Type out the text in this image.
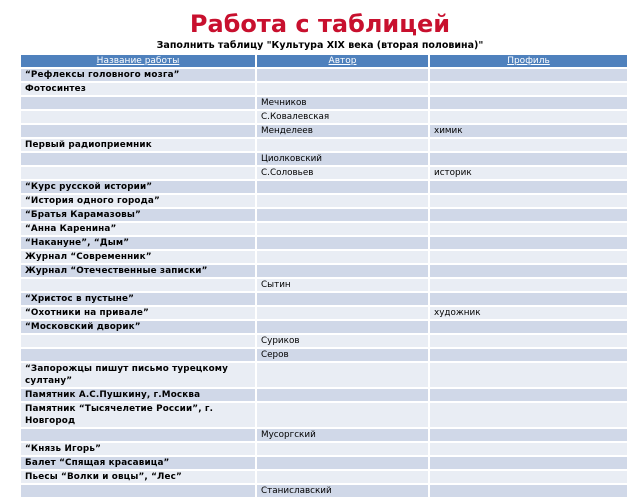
Работа с таблицей

Заполнить таблицу "Культура XIX века (вторая половина)"

Название работы	Автор	Профиль
“Рефлексы головного мозга”		
Фотосинтез		
	Мечников	
	С.Ковалевская	
	Менделеев	химик
Первый радиоприемник		
	Циолковский	
	С.Соловьев	историк
“Курс русской истории”		
“История одного города”		
“Братья Карамазовы”		
“Анна Каренина”		
“Накануне”, “Дым”		
Журнал “Современник”		
Журнал “Отечественные записки”		
	Сытин	
“Христос в пустыне”		
“Охотники на привале”		художник
“Московский дворик”		
	Суриков	
	Серов	
“Запорожцы пишут письмо турецкому султану”		
Памятник А.С.Пушкину, г.Москва		
Памятник “Тысячелетие России”, г. Новгород		
	Мусоргский	
“Князь Игорь”		
Балет “Спящая красавица”		
Пьесы “Волки и овцы”, “Лес”		
	Станиславский	
